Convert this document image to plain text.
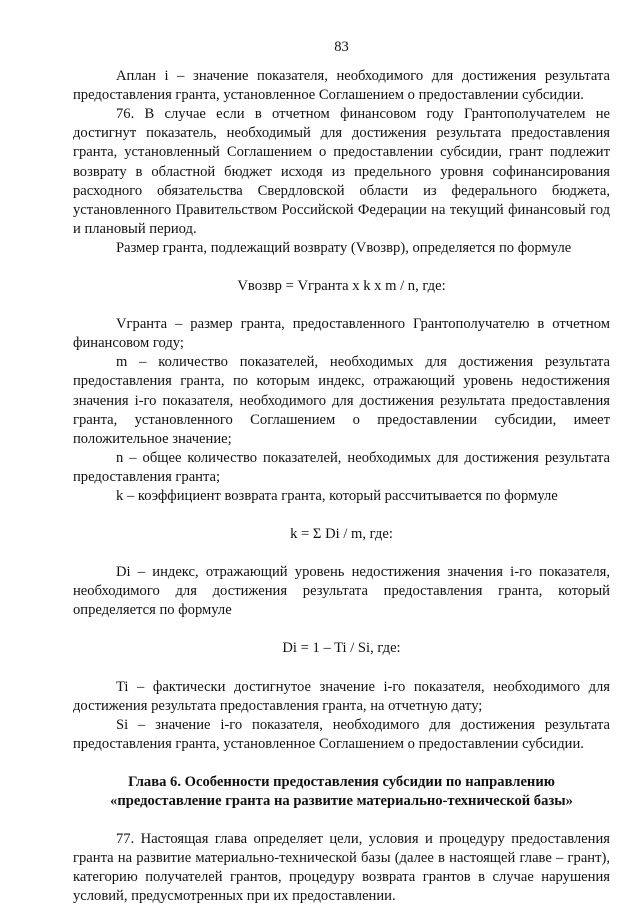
83

Аплан i – значение показателя, необходимого для достижения результата предоставления гранта, установленное Соглашением о предоставлении субсидии.

76. В случае если в отчетном финансовом году Грантополучателем не достигнут показатель, необходимый для достижения результата предоставления гранта, установленный Соглашением о предоставлении субсидии, грант подлежит возврату в областной бюджет исходя из предельного уровня софинансирования расходного обязательства Свердловской области из федерального бюджета, установленного Правительством Российской Федерации на текущий финансовый год и плановый период.

Размер гранта, подлежащий возврату (Vвозвр), определяется по формуле

Vвозвр = Vгранта x k x m / n, где:

Vгранта – размер гранта, предоставленного Грантополучателю в отчетном финансовом году;

m – количество показателей, необходимых для достижения результата предоставления гранта, по которым индекс, отражающий уровень недостижения значения i-го показателя, необходимого для достижения результата предоставления гранта, установленного Соглашением о предоставлении субсидии, имеет положительное значение;

n – общее количество показателей, необходимых для достижения результата предоставления гранта;

k – коэффициент возврата гранта, который рассчитывается по формуле

k = Σ Di / m, где:

Di – индекс, отражающий уровень недостижения значения i-го показателя, необходимого для достижения результата предоставления гранта, который определяется по формуле

Di = 1 – Ti / Si, где:

Ti – фактически достигнутое значение i-го показателя, необходимого для достижения результата предоставления гранта, на отчетную дату;

Si – значение i-го показателя, необходимого для достижения результата предоставления гранта, установленное Соглашением о предоставлении субсидии.

Глава 6. Особенности предоставления субсидии по направлению
«предоставление гранта на развитие материально-технической базы»

77. Настоящая глава определяет цели, условия и процедуру предоставления гранта на развитие материально-технической базы (далее в настоящей главе – грант), категорию получателей грантов, процедуру возврата грантов в случае нарушения условий, предусмотренных при их предоставлении.
